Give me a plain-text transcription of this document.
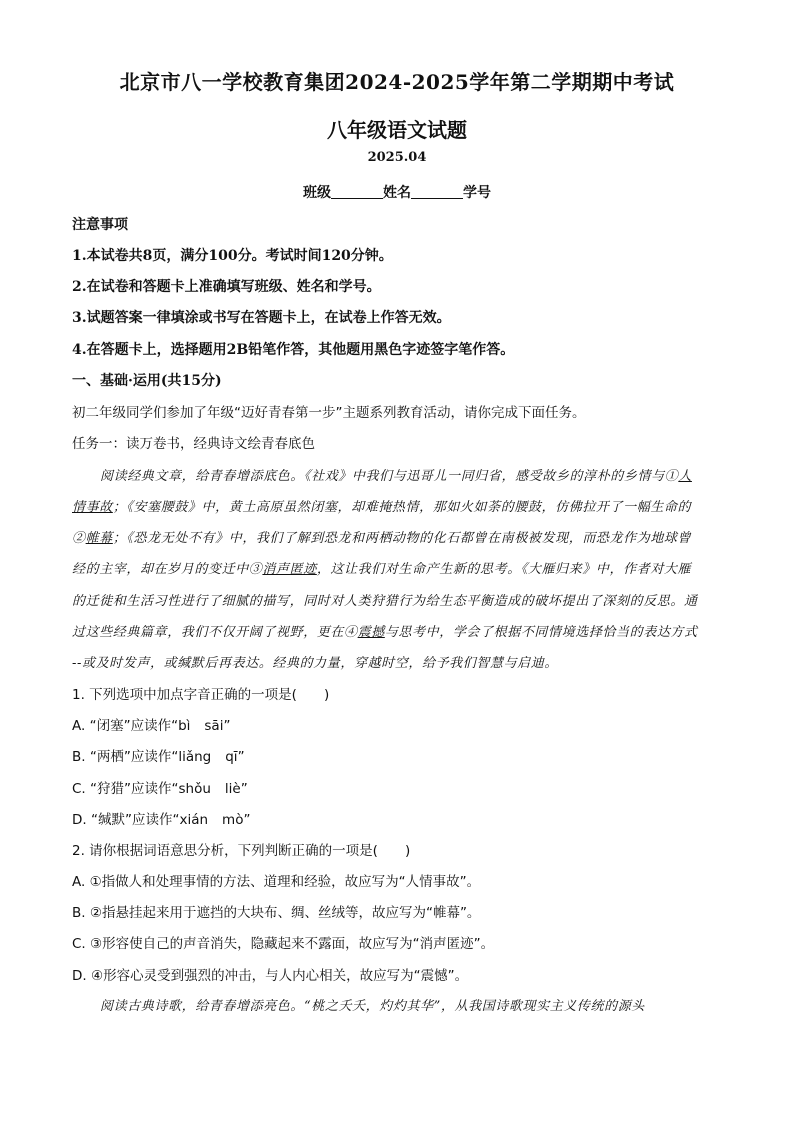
北京市八一学校教育集团2024-2025学年第二学期期中考试
八年级语文试题
2025.04
班级	姓名	学号
注意事项
1.本试卷共8页，满分100分。考试时间120分钟。
2.在试卷和答题卡上准确填写班级、姓名和学号。
3.试题答案一律填涂或书写在答题卡上，在试卷上作答无效。
4.在答题卡上，选择题用2B铅笔作答，其他题用黑色字迹签字笔作答。
一、基础·运用(共15分)
初二年级同学们参加了年级“迈好青春第一步”主题系列教育活动，请你完成下面任务。
任务一：读万卷书，经典诗文绘青春底色
阅读经典文章，给青春增添底色。《社戏》中我们与迅哥儿一同归省，感受故乡的淳朴的乡情与①人
情事故；《安塞腰鼓》中，黄土高原虽然闭塞，却难掩热情，那如火如荼的腰鼓，仿佛拉开了一幅生命的
②帷幕；《恐龙无处不有》中，我们了解到恐龙和两栖动物的化石都曾在南极被发现，而恐龙作为地球曾
经的主宰，却在岁月的变迁中③消声匿迹，这让我们对生命产生新的思考。《大雁归来》中，作者对大雁
的迁徙和生活习性进行了细腻的描写，同时对人类狩猎行为给生态平衡造成的破坏提出了深刻的反思。通
过这些经典篇章，我们不仅开阔了视野，更在④震撼与思考中，学会了根据不同情境选择恰当的表达方式
--或及时发声，或缄默后再表达。经典的力量，穿越时空，给予我们智慧与启迪。
1. 下列选项中加点字音正确的一项是(　　)
A. “闭塞”应读作“bì sāi”
B. “两栖”应读作“liǎng qī”
C. “狩猎”应读作“shǒu liè”
D. “缄默”应读作“xián mò”
2. 请你根据词语意思分析，下列判断正确的一项是(　　)
A. ①指做人和处理事情的方法、道理和经验，故应写为“人情事故”。
B. ②指悬挂起来用于遮挡的大块布、绸、丝绒等，故应写为“帷幕”。
C. ③形容使自己的声音消失，隐藏起来不露面，故应写为“消声匿迹”。
D. ④形容心灵受到强烈的冲击，与人内心相关，故应写为“震憾”。
阅读古典诗歌，给青春增添亮色。“桃之夭夭，灼灼其华”，从我国诗歌现实主义传统的源头
